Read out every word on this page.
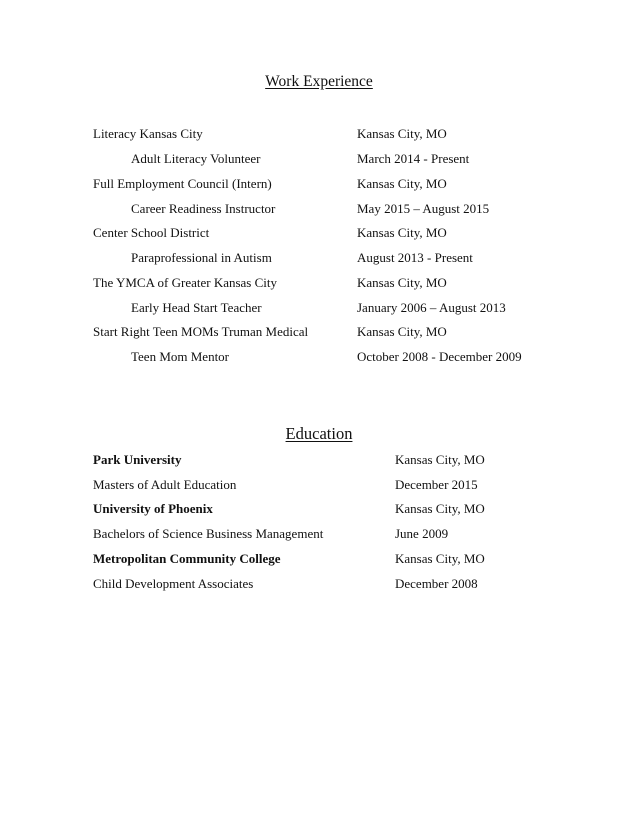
Work Experience
Literacy Kansas City	Kansas City, MO
Adult Literacy Volunteer	March 2014 - Present
Full Employment Council (Intern)	Kansas City, MO
Career Readiness Instructor	May 2015 – August 2015
Center School District	Kansas City, MO
Paraprofessional in Autism	August 2013 - Present
The YMCA of Greater Kansas City	Kansas City, MO
Early Head Start Teacher	January 2006 – August 2013
Start Right Teen MOMs Truman Medical	Kansas City, MO
Teen Mom Mentor	October 2008 - December 2009
Education
Park University	Kansas City, MO
Masters of Adult Education	December 2015
University of Phoenix	Kansas City, MO
Bachelors of Science Business Management	June 2009
Metropolitan Community College	Kansas City, MO
Child Development Associates	December 2008
